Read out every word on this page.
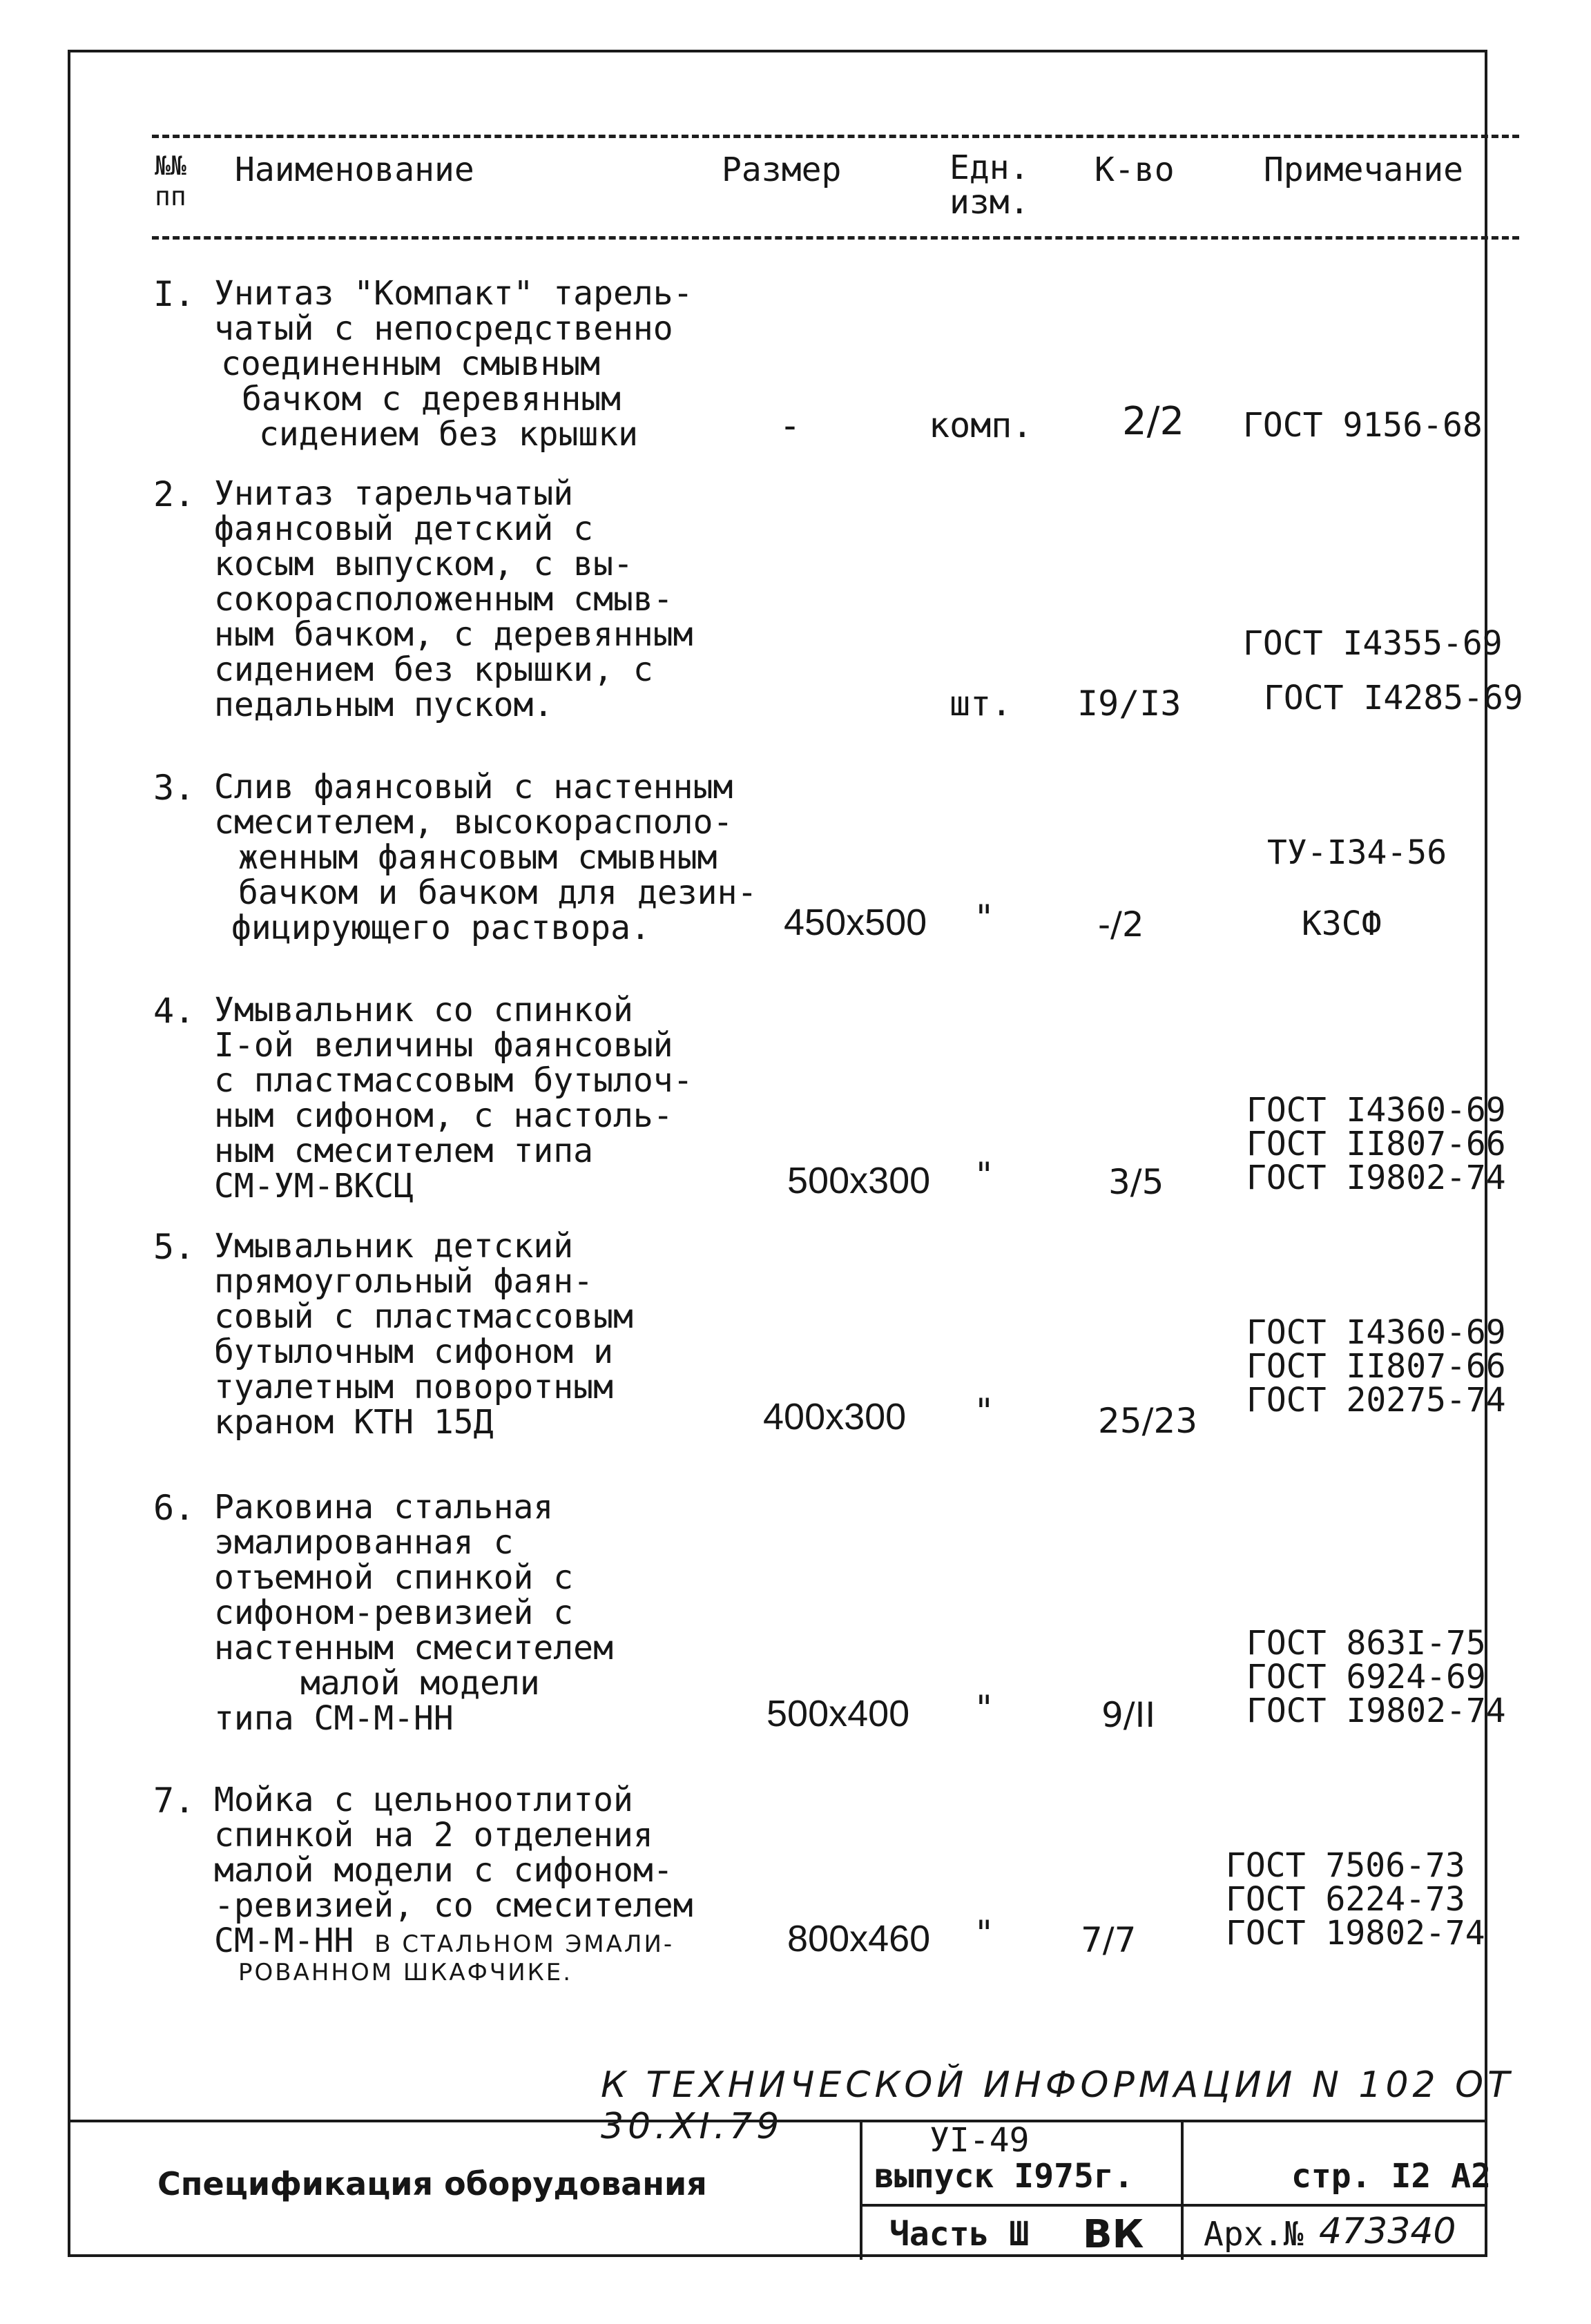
№№
пп
Наименование	Размер	Едн.
изм.
К-во	Примечание
I. Унитаз "Компакт" тарель-
чатый с непосредственно
соединенным смывным
бачком с деревянным
сидением без крышки	-	комп. 2/2 ГОСТ 9156-68
2. Унитаз тарельчатый
фаянсовый детский с
косым выпуском, с вы-
сокорасположенным смыв-
ным бачком, с деревянным
сидением без крышки, с
педальным пуском.	шт. I9/I3
ГОСТ I4355-69
ГОСТ I4285-69
3. Слив фаянсовый с настенным
смесителем, высокорасполо-
женным фаянсовым смывным
бачком и бачком для дезин-
фицирующего раствора.	450x500 "	-/2
ТУ-I34-56
КЗСФ
4. Умывальник со спинкой
I-ой величины фаянсовый
с пластмассовым бутылоч-
ным сифоном, с настоль-
ным смесителем типа
СМ-УМ-ВКСЦ	500x300 "	3/5
ГОСТ I4360-69
ГОСТ II807-66
ГОСТ I9802-74
5. Умывальник детский
прямоугольный фаян-
совый с пластмассовым
бутылочным сифоном и
туалетным поворотным
краном КТН 15Д	400x300 "	25/23
ГОСТ I4360-69
ГОСТ II807-66
ГОСТ 20275-74
6. Раковина стальная
эмалированная с
отъемной спинкой с
сифоном-ревизией с
настенным смесителем
малой модели
типа СМ-М-НН	500x400 "	9/II
ГОСТ 863I-75
ГОСТ 6924-69
ГОСТ I9802-74
7. Мойка с цельноотлитой
спинкой на 2 отделения
малой модели с сифоном-
-ревизией, со смесителем
СМ-М-НН В СТАЛЬНОМ ЭМАЛИ-
РОВАННОМ ШКАФЧИКЕ.
800x460 " 7/7
ГОСТ 7506-73
ГОСТ 6224-73
ГОСТ 19802-74
К ТЕХНИЧЕСКОЙ ИНФОРМАЦИИ N 102 ОТ 30.XI.79
Спецификация оборудования
УI-49
выпуск I975г.	стр. I2 А2
Часть Ш ВК Арх.№ 473340
